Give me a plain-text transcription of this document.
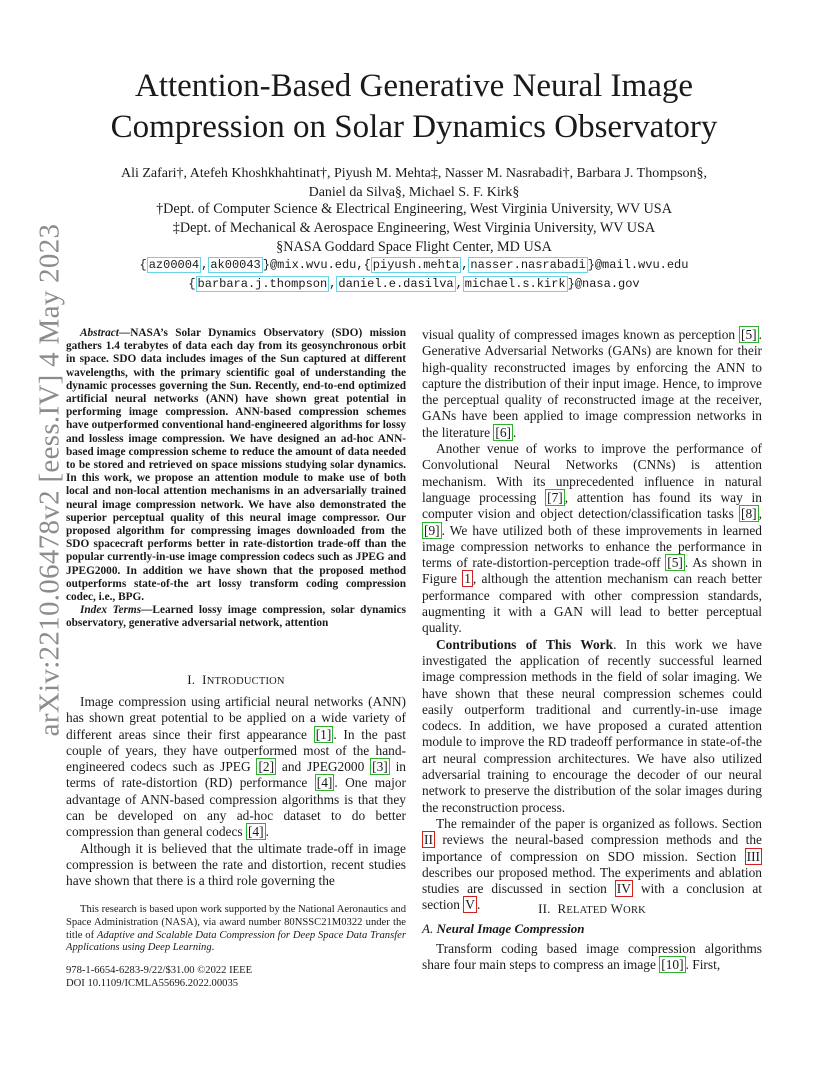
arXiv:2210.06478v2 [eess.IV] 4 May 2023
Attention-Based Generative Neural Image
Compression on Solar Dynamics Observatory
Ali Zafari†, Atefeh Khoshkhahtinat†, Piyush M. Mehta‡, Nasser M. Nasrabadi†, Barbara J. Thompson§,
Daniel da Silva§, Michael S. F. Kirk§
†Dept. of Computer Science & Electrical Engineering, West Virginia University, WV USA
‡Dept. of Mechanical & Aerospace Engineering, West Virginia University, WV USA
§NASA Goddard Space Flight Center, MD USA
{ az00004 , ak00043 }@mix.wvu.edu,{ piyush.mehta , nasser.nasrabadi }@mail.wvu.edu
{ barbara.j.thompson , daniel.e.dasilva , michael.s.kirk }@nasa.gov

Abstract—NASA’s Solar Dynamics Observatory (SDO) mission gathers 1.4 terabytes of data each day from its geosynchronous orbit in space. SDO data includes images of the Sun captured at different wavelengths, with the primary scientific goal of understanding the dynamic processes governing the Sun. Recently, end-to-end optimized artificial neural networks (ANN) have shown great potential in performing image compression. ANN-based compression schemes have outperformed conventional hand-engineered algorithms for lossy and lossless image compression. We have designed an ad-hoc ANN-based image compression scheme to reduce the amount of data needed to be stored and retrieved on space missions studying solar dynamics. In this work, we propose an attention module to make use of both local and non-local attention mechanisms in an adversarially trained neural image compression network. We have also demonstrated the superior perceptual quality of this neural image compressor. Our proposed algorithm for compressing images downloaded from the SDO spacecraft performs better in rate-distortion trade-off than the popular currently-in-use image compression codecs such as JPEG and JPEG2000. In addition we have shown that the proposed method outperforms state-of-the art lossy transform coding compression codec, i.e., BPG.

Index Terms—Learned lossy image compression, solar dynamics observatory, generative adversarial network, attention

I. INTRODUCTION

Image compression using artificial neural networks (ANN) has shown great potential to be applied on a wide variety of different areas since their first appearance [1] . In the past couple of years, they have outperformed most of the hand-engineered codecs such as JPEG [2] and JPEG2000 [3] in terms of rate-distortion (RD) performance [4] . One major advantage of ANN-based compression algorithms is that they can be developed on any ad-hoc dataset to do better compression than general codecs [4] .

Although it is believed that the ultimate trade-off in image compression is between the rate and distortion, recent studies have shown that there is a third role governing the

This research is based upon work supported by the National Aeronautics and Space Administration (NASA), via award number 80NSSC21M0322 under the title of Adaptive and Scalable Data Compression for Deep Space Data Transfer Applications using Deep Learning.
978-1-6654-6283-9/22/$31.00 ©2022 IEEE
DOI 10.1109/ICMLA55696.2022.00035

visual quality of compressed images known as perception [5] . Generative Adversarial Networks (GANs) are known for their high-quality reconstructed images by enforcing the ANN to capture the distribution of their input image. Hence, to improve the perceptual quality of reconstructed image at the receiver, GANs have been applied to image compression networks in the literature [6] .

Another venue of works to improve the performance of Convolutional Neural Networks (CNNs) is attention mechanism. With its unprecedented influence in natural language processing [7] , attention has found its way in computer vision and object detection/classification tasks [8] , [9] . We have utilized both of these improvements in learned image compression networks to enhance the performance in terms of rate-distortion-perception trade-off [5] . As shown in Figure 1 , although the attention mechanism can reach better performance compared with other compression standards, augmenting it with a GAN will lead to better perceptual quality.

Contributions of This Work. In this work we have investigated the application of recently successful learned image compression methods in the field of solar imaging. We have shown that these neural compression schemes could easily outperform traditional and currently-in-use image codecs. In addition, we have proposed a curated attention module to improve the RD tradeoff performance in state-of-the art neural compression architectures. We have also utilized adversarial training to encourage the decoder of our neural network to preserve the distribution of the solar images during the reconstruction process.

The remainder of the paper is organized as follows. Section II reviews the neural-based compression methods and the importance of compression on SDO mission. Section III describes our proposed method. The experiments and ablation studies are discussed in section IV with a conclusion at section V .	II. RELATED WORK
A. Neural Image Compression

Transform coding based image compression algorithms share four main steps to compress an image [10] . First,
